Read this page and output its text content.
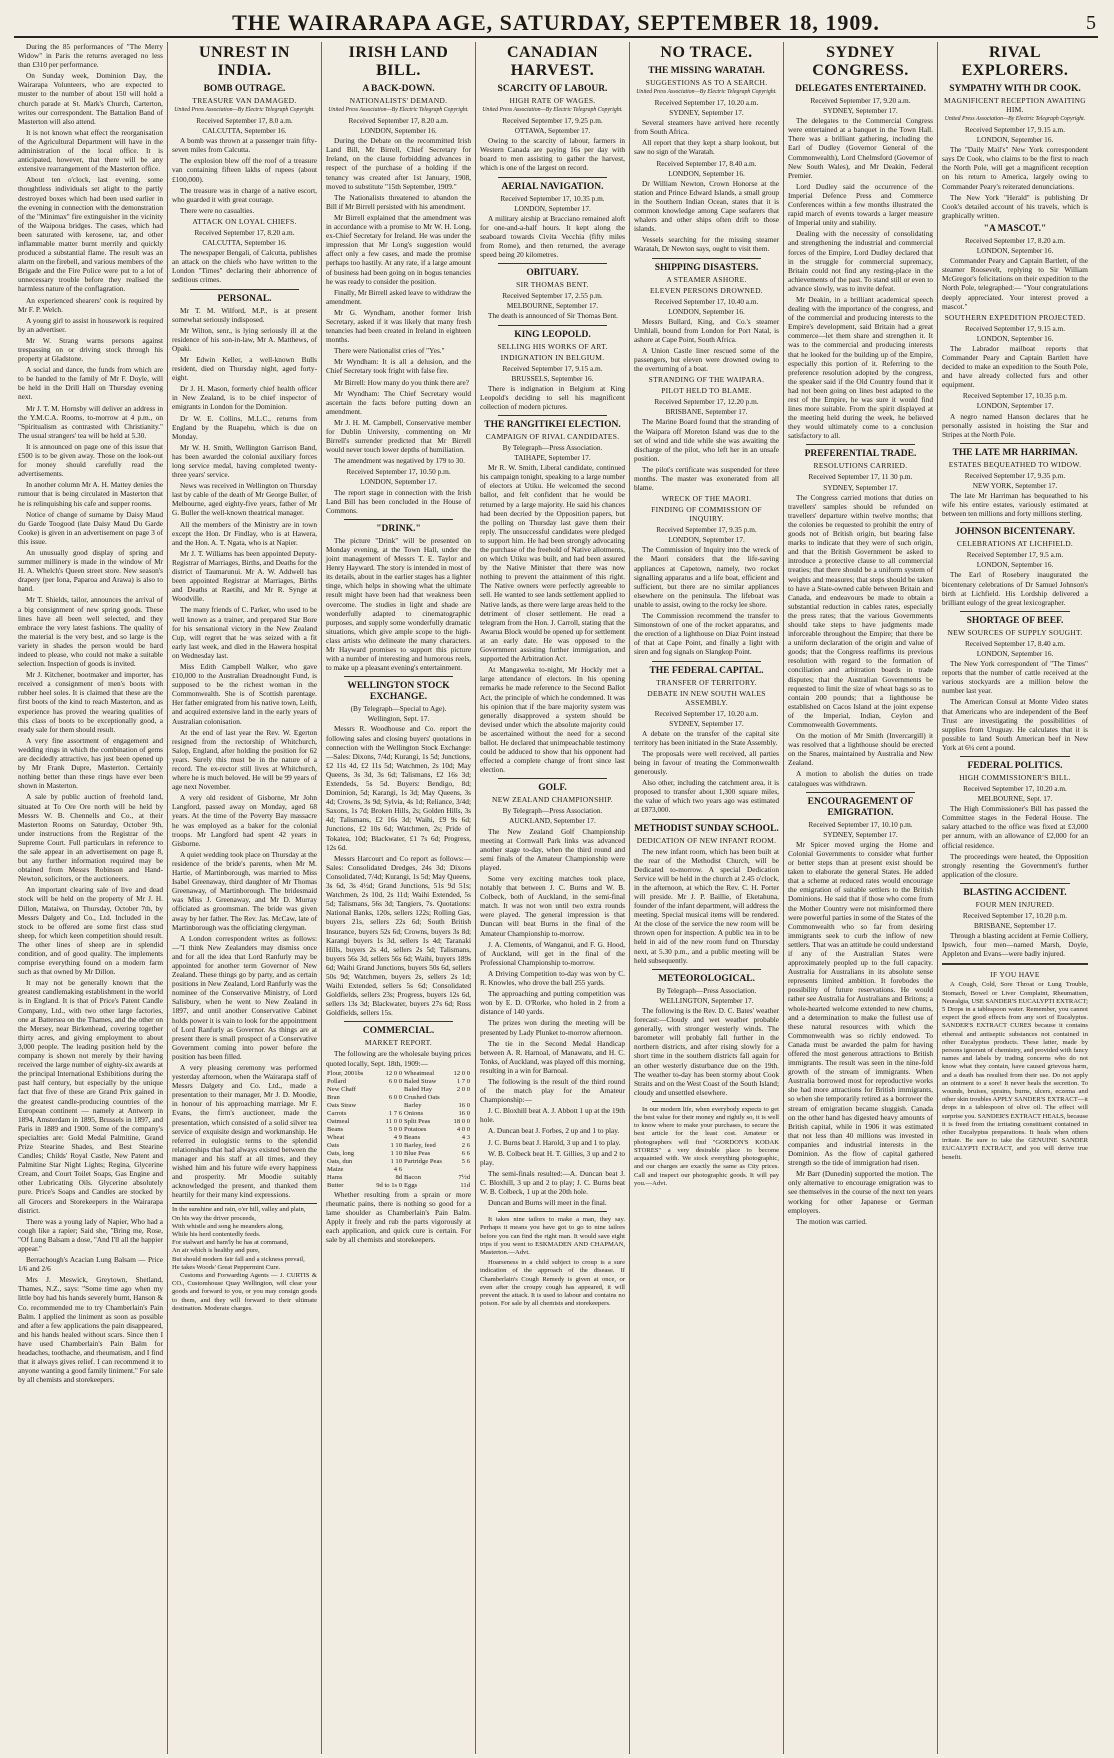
THE WAIRARAPA AGE, SATURDAY, SEPTEMBER 18, 1909.	5

During the 85 performances of "The Merry Widow" in Paris the returns averaged no less than £310 per performance.

On Sunday week, Dominion Day, the Wairarapa Volunteers, who are expected to muster to the number of about 150 will hold a church parade at St. Mark's Church, Carterton, writes our correspondent. The Battalion Band of Masterton will also attend.

It is not known what effect the reorganisation of the Agricultural Department will have in the administration of the local office. It is anticipated, however, that there will be any extensive rearrangement of the Masterton office.

About ten o'clock, last evening, some thoughtless individuals set alight to the partly destroyed boxes which had been used earlier in the evening in connection with the demonstration of the "Minimax" fire extinguisher in the vicinity of the Waipoua bridges. The cases, which had been saturated with kerosene, tar, and other inflammable matter burnt merrily and quickly produced a substantial flame. The result was an alarm on the firebell, and various members of the Brigade and the Fire Police were put to a lot of unnecessary trouble before they realised the harmless nature of the conflagration.

An experienced shearers' cook is required by Mr F. P. Welch.

A young girl to assist in housework is required by an advertiser.

Mr W. Strang warns persons against trespassing on or driving stock through his property at Gladstone.

A social and dance, the funds from which are to be handed to the family of Mr F. Doyle, will be held in the Drill Hall on Thursday evening next.

Mr J. T. M. Hornsby will deliver an address in the Y.M.C.A. Rooms, to-morrow at 4 p.m., on "Spiritualism as contrasted with Christianity." The usual strangers' tea will be held at 5.30.

It is announced on page one of this issue that £500 is to be given away. Those on the look-out for money should carefully read the advertisements.

In another column Mr A. H. Mattey denies the rumour that is being circulated in Masterton that he is relinquishing his cafe and supper rooms.

Notice of change of surname by Daisy Maud du Garde Toogood (late Daisy Maud Du Garde Cooke) is given in an advertisement on page 3 of this issue.

An unusually good display of spring and summer millinery is made in the window of Mr H. A. Whelch's Queen street store. New season's drapery (per Iona, Paparoa and Arawa) is also to hand.

Mr T. Shields, tailor, announces the arrival of a big consignment of new spring goods. These lines have all been well selected, and they embrace the very latest fashions. The quality of the material is the very best, and so large is the variety in shades the person would be hard indeed to please, who could not make a suitable selection. Inspection of goods is invited.

Mr J. Kitchener, bootmaker and importer, has received a consignment of men's boots with rubber heel soles. It is claimed that these are the first boots of the kind to reach Masterton, and as experience has proved the wearing qualities of this class of boots to be exceptionally good, a ready sale for them should result.

A very fine assortment of engagement and wedding rings in which the combination of gems are decidedly attractive, has just been opened up by Mr Frank Dupre, Masterton. Certainly nothing better than these rings have ever been shown in Masterton.

A sale by public auction of freehold land, situated at To Ore Ore north will be held by Messrs W. B. Chennells and Co., at their Masterton Rooms on Saturday, October 9th, under instructions from the Registrar of the Supreme Court. Full particulars in reference to the sale appear in an advertisement on page 8, but any further information required may be obtained from Messrs Robinson and Hand-Newton, solicitors, or the auctioneers.

An important clearing sale of live and dead stock will be held on the property of Mr J. H. Dillon, Mataiwa, on Thursday, October 7th, by Messrs Dalgety and Co., Ltd. Included in the stock to be offered are some first class stud sheep, for which keen competition should result. The other lines of sheep are in splendid condition, and of good quality. The implements comprise everything found on a modern farm such as that owned by Mr Dillon.

It may not be generally known that the greatest candlemaking establishment in the world is in England. It is that of Price's Patent Candle Company, Ltd., with two other large factories, one at Battersea on the Thames, and the other on the Mersey, near Birkenhead, covering together thirty acres, and giving employment to about 3,000 people. The leading position held by the company is shown not merely by their having received the large number of eighty-six awards at the principal International Exhibitions during the past half century, but especially by the unique fact that five of these are Grand Prix gained in the greatest candle-producing countries of the European continent — namely at Antwerp in 1894, Amsterdam in 1895, Brussels in 1897, and Paris in 1889 and 1900. Some of the company's specialties are: Gold Medal Palmitine, Grand Prize Stearine Shades, and Best Stearine Candles; Childs' Royal Castle, New Patent and Palmitine Star Night Lights; Regina, Glycerine Cream, and Court Toilet Soaps, Gas Engine and other Lubricating Oils. Glycerine absolutely pure. Price's Soaps and Candles are stocked by all Grocers and Storekeepers in the Wairarapa district.

There was a young lady of Napier, Who had a cough like a rapier; Said she, "Bring me, Rose, "Of Lung Balsam a dose, "And I'll all the happier appear."

Berrachough's Acacian Lung Balsam — Price 1/6 and 2/6

Mrs J. Meswick, Greytown, Shetland, Thames, N.Z., says: "Some time ago when my little boy had his hands severely burnt, Hanson & Co. recommended me to try Chamberlain's Pain Balm. I applied the liniment as soon as possible and after a few applications the pain disappeared, and his hands healed without scars. Since then I have used Chamberlain's Pain Balm for headaches, toothache, and rheumatism, and I find that it always gives relief. I can recommend it to anyone wanting a good family liniment." For sale by all chemists and storekeepers.

UNREST IN INDIA.
BOMB OUTRAGE.
TREASURE VAN DAMAGED.
United Press Association—By Electric Telegraph Copyright.
Received September 17, 8.0 a.m.
CALCUTTA, September 16.

A bomb was thrown at a passenger train fifty-seven miles from Calcutta.

The explosion blew off the roof of a treasure van containing fifteen lakhs of rupees (about £100,000).

The treasure was in charge of a native escort, who guarded it with great courage.

There were no casualties.

ATTACK ON LOYAL CHIEFS.
Received September 17, 8.20 a.m.
CALCUTTA, September 16.

The newspaper Bengali, of Calcutta, publishes an attack on the chiefs who have written to the London "Times" declaring their abhorrence of seditious crimes.

PERSONAL.

Mr T. M. Wilford, M.P., is at present somewhat seriously indisposed.

Mr Wilton, senr., is lying seriously ill at the residence of his son-in-law, Mr A. Matthews, of Opaki.

Mr Edwin Keller, a well-known Bulls resident, died on Thursday night, aged forty-eight.

Dr J. H. Mason, formerly chief health officer in New Zealand, is to be chief inspector of emigrants in London for the Dominion.

Dr W. E. Collins, M.L.C., returns from England by the Ruapehu, which is due on Monday.

Mr W. H. Smith, Wellington Garrison Band, has been awarded the colonial auxiliary forces long service medal, having completed twenty-three years' service.

News was received in Wellington on Thursday last by cable of the death of Mr George Buller, of Melbourne, aged eighty-five years, father of Mr G. Buller the well-known theatrical manager.

All the members of the Ministry are in town except the Hon. Dr Findlay, who is at Hawera, and the Hon. A. T. Ngata, who is at Napier.

Mr J. T. Williams has been appointed Deputy-Registrar of Marriages, Births, and Deaths for the district of Taumarunui. Mr A. W. Addwell has been appointed Registrar at Marriages, Births and Deaths at Raetihi, and Mr R. Synge at Woodville.

The many friends of C. Parker, who used to be well known as a trainer, and prepared Star Bore for his sensational victory in the New Zealand Cup, will regret that he was seized with a fit early last week, and died in the Hawera hospital on Wednesday last.

Miss Edith Campbell Walker, who gave £10,000 to the Australian Dreadnought Fund, is supposed to be the richest woman in the Commonwealth. She is of Scottish parentage. Her father emigrated from his native town, Leith, and acquired extensive land in the early years of Australian colonisation.

At the end of last year the Rev. W. Egerton resigned from the rectorship of Whitchurch, Salop, England, after holding the position for 62 years. Surely this must be in the nature of a record. The ex-rector still lives at Whitchurch, where he is much beloved. He will be 99 years of age next November.

A very old resident of Gisborne, Mr John Langford, passed away on Monday, aged 68 years. At the time of the Poverty Bay massacre he was employed as a baker for the colonial troops. Mr Langford had spent 42 years in Gisborne.

A quiet wedding took place on Thursday at the residence of the bride's parents, when Mr M. Hartie, of Martinborough, was married to Miss Isabel Greenaway, third daughter of Mr Thomas Greenaway, of Martinborough. The bridesmaid was Miss J. Greenaway, and Mr D. Murray officiated as groomsman. The bride was given away by her father. The Rev. Jas. McCaw, late of Martinborough was the officiating clergyman.

A London correspondent writes as follows:—"I think New Zealanders may dismiss once and for all the idea that Lord Ranfurly may be appointed for another term Governor of New Zealand. These things go by party, and as certain positions in New Zealand, Lord Ranfurly was the nominee of the Conservative Ministry, of Lord Salisbury, when he went to New Zealand in 1897, and until another Conservative Cabinet holds power it is vain to look for the appointment of Lord Ranfurly as Governor. As things are at present there is small prospect of a Conservative Government coming into power before the position has been filled.

A very pleasing ceremony was performed yesterday afternoon, when the Wairarapa staff of Messrs Dalgety and Co. Ltd., made a presentation to their manager, Mr J. D. Moodie, in honour of his approaching marriage. Mr F. Evans, the firm's auctioneer, made the presentation, which consisted of a solid silver tea service of exquisite design and workmanship. He referred in eulogistic terms to the splendid relationships that had always existed between the manager and his staff at all times, and they wished him and his future wife every happiness and prosperity. Mr Moodie suitably acknowledged the present, and thanked them heartily for their many kind expressions.

In the sunshine and rain, o'er hill, valley and plain,
On his way the driver proceeds,
With whistle and song he meanders along,
While his herd contentedly feeds.
For stalwart and ham'ly he has at command,
An air which is healthy and pure,
But should modern fair fall and a sickness prevail,
He takes Woods' Great Peppermint Cure.

Customs and Forwarding Agents — J. CURTIS & CO., Customhouse Quay Wellington, will clear your goods and forward to you, or you may consign goods to them, and they will forward to their ultimate destination. Moderate charges.

IRISH LAND BILL.
A BACK-DOWN.
NATIONALISTS' DEMAND.
United Press Association—By Electric Telegraph Copyright.
Received September 17, 8.20 a.m.
LONDON, September 16.

During the Debate on the recommitted Irish Land Bill, Mr Birrell, Chief Secretary for Ireland, on the clause forbidding advances in respect of the purchase of a holding if the tenancy was created after 1st January, 1908, moved to substitute "15th September, 1909."

The Nationalists threatened to abandon the Bill if Mr Birrell persisted with his amendment.

Mr Birrell explained that the amendment was in accordance with a promise to Mr W. H. Long, ex-Chief Secretary for Ireland. He was under the impression that Mr Long's suggestion would affect only a few cases, and made the promise perhaps too hastily. At any rate, if a large amount of business had been going on in bogus tenancies he was ready to consider the position.

Finally, Mr Birrell asked leave to withdraw the amendment.

Mr G. Wyndham, another former Irish Secretary, asked if it was likely that many fresh tenancies had been created in Ireland in eighteen months.

There were Nationalist cries of "Yes."

Mr Wyndham: It is all a delusion, and the Chief Secretary took fright with false fire.

Mr Birrell: How many do you think there are?

Mr Wyndham: The Chief Secretary would ascertain the facts before putting down an amendment.

Mr J. H. M. Campbell, Conservative member for Dublin University, commenting on Mr Birrell's surrender predicted that Mr Birrell would never touch lower depths of humiliation.

The amendment was negatived by 179 to 30.

Received September 17, 10.50 p.m.
LONDON, September 17.

The report stage in connection with the Irish Land Bill has been concluded in the House of Commons.

"DRINK."

The picture "Drink" will be presented on Monday evening, at the Town Hall, under the joint management of Messrs T. E. Taylor and Henry Hayward. The story is intended in most of its details, about in the earlier stages has a lighter tinge, which helps in showing what the ultimate result might have been had that weakness been overcome. The studies in light and shade are wonderfully adapted to cinematographic purposes, and supply some wonderfully dramatic situations, which give ample scope to the high-class artists who delineate the many characters. Mr Hayward promises to support this picture with a number of interesting and humorous reels, to make up a pleasant evening's entertainment.

WELLINGTON STOCK EXCHANGE.
(By Telegraph—Special to Age).
Wellington, Sept. 17.

Messrs R. Woodhouse and Co. report the following sales and closing buyers' quotations in connection with the Wellington Stock Exchange:—Sales: Dixons, 7/4d; Kurangi, 1s 5d; Junctions, £2 11s 4d, £2 11s 5d; Watchmen, 2s 10d; May Queens, 3s 3d, 3s 6d; Talismans, £2 16s 3d; Extendeds, 5s 5d. Buyers: Bendigo, 8d; Dominion, 5d; Karangi, 1s 3d; May Queens, 3s 4d; Crowns, 3s 9d; Sylvia, 4s 1d; Reliance, 3/4d; Saxons, 1s 7d; Broken Hills, 2s; Golden Hills, 3s 4d; Talismans, £2 16s 3d; Waihi, £9 9s 6d; Junctions, £2 10s 6d; Watchmen, 2s; Pride of Tokatea, 10d; Blackwater, £1 7s 6d; Progress, 12s 6d.

Messrs Harcourt and Co report as follows:—Sales: Consolidated Dredges, 24s 3d; Dixons Consolidated, 7/4d; Kurangi, 1s 5d; May Queens, 3s 6d, 3s 4½d; Grand Junctions, 51s 9d 51s; Watchmen, 2s 10d, 2s 11d; Waihi Extended, 5s 5d; Talismans, 56s 3d; Tangiers, 7s. Quotations: National Banks, 120s, sellers 122s; Rolling Gas, buyers 21s, sellers 22s 6d; South British Insurance, buyers 52s 6d; Crowns, buyers 3s 8d; Karangi buyers 1s 3d, sellers 1s 4d; Taranaki Hills, buyers 2s 4d, sellers 2s 5d; Talismans, buyers 56s 3d, sellers 56s 6d; Waihi, buyers 189s 6d; Waihi Grand Junctions, buyers 50s 6d, sellers 50s 9d; Watchmen, buyers 2s, sellers 2s 1d; Waihi Extended, sellers 5s 6d; Consolidated Goldfields, sellers 23s; Progress, buyers 12s 6d, sellers 13s 3d; Blackwater, buyers 27s 6d; Ross Goldfields, sellers 15s.

COMMERCIAL.
MARKET REPORT.

The following are the wholesale buying prices quoted locally, Sept. 18th, 1909:—

Flour, 2001bs	12 0 0	Wheatmeal	12 0 0
Pollard	6 0 0	Baled Straw	1 7 0
New Chaff		Baled Hay	2 0 0
Bran	6 0 0	Crushed Oats	
Oats Straw		Barley	16 0
Carrots	1 7 6	Onions	16 0
Oatmeal	11 0 0	Split Peas	18 0 0
Beans	5 0 0	Potatoes	4 0 0
Wheat	4 9	Beans	4 3
Oats	1 10	Barley, feed	2 6
Oats, long	1 10	Blue Peas	6 6
Oats, dun	1 10	Partridge Peas	5 6
Maize	4 6		
Hams	8d	Bacon	7½d
Butter	9d to 1s 0	Eggs	11d

Whether resulting from a sprain or more rheumatic pains, there is nothing so good for a lame shoulder as Chamberlain's Pain Balm. Apply it freely and rub the parts vigorously at each application, and quick cure is certain. For sale by all chemists and storekeepers.

CANADIAN HARVEST.
SCARCITY OF LABOUR.
HIGH RATE OF WAGES.
United Press Association—By Electric Telegraph Copyright.
Received September 17, 9.25 p.m.
OTTAWA, September 17.

Owing to the scarcity of labour, farmers in Western Canada are paying 16s per day with board to men assisting to gather the harvest, which is one of the largest on record.

AERIAL NAVIGATION.
Received September 17, 10.35 p.m.
LONDON, September 17.

A military airship at Bracciano remained aloft for one-and-a-half hours. It kept along the seaboard towards Civita Vecchia (fifty miles from Rome), and then returned, the average speed being 20 kilometres.

OBITUARY.
SIR THOMAS BENT.
Received September 17, 2.55 p.m.
MELBOURNE, September 17.

The death is announced of Sir Thomas Bent.

KING LEOPOLD.
SELLING HIS WORKS OF ART.
INDIGNATION IN BELGIUM.
Received September 17, 9.15 a.m.
BRUSSELS, September 16.

There is indignation in Belgium at King Leopold's deciding to sell his magnificent collection of modern pictures.

THE RANGITIKEI ELECTION.
CAMPAIGN OF RIVAL CANDIDATES.
By Telegraph—Press Association.
TAIHAPE, September 17.

Mr R. W. Smith, Liberal candidate, continued his campaign tonight, speaking to a large number of electors at Utiku. He welcomed the second ballot, and felt confident that he would be returned by a large majority. He said his chances had been decried by the Opposition papers, but the polling on Thursday last gave them their reply. The unsuccessful candidates were pledged to support him. He had been strongly advocating the purchase of the freehold of Native allotments, on which Utiku was built, and had been assured by the Native Minister that there was now nothing to prevent the attainment of this right. The Native owners were perfectly agreeable to sell. He wanted to see lands settlement applied to Native lands, as there were large areas held to the detriment of closer settlement. He read a telegram from the Hon. J. Carroll, stating that the Awarua Block would be opened up for settlement at an early date. He was opposed to the Government assisting further immigration, and supported the Arbitration Act.

At Mangaweka to-night, Mr Hockly met a large attendance of electors. In his opening remarks he made reference to the Second Ballot Act, the principle of which he condemned. It was his opinion that if the bare majority system was generally disapproved a system should be devised under which the absolute majority could be ascertained without the need for a second ballot. He declared that unimpeachable testimony could be adduced to show that his opponent had effected a complete change of front since last election.

GOLF.
NEW ZEALAND CHAMPIONSHIP.
By Telegraph—Press Association.
AUCKLAND, September 17.

The New Zealand Golf Championship meeting at Cornwall Park links was advanced another stage to-day, when the third round and semi finals of the Amateur Championship were played.

Some very exciting matches took place, notably that between J. C. Burns and W. B. Colbeck, both of Auckland, in the semi-final match. It was not won until two extra rounds were played. The general impression is that Duncan will beat Burns in the final of the Amateur Championship to-morrow.

J. A. Clements, of Wanganui, and F. G. Hood, of Auckland, will get in the final of the Professional Championship to-morrow.

A Driving Competition to-day was won by C. R. Knowles, who drove the ball 255 yards.

The approaching and putting competition was won by E. D. O'Rorke, who holed in 2 from a distance of 140 yards.

The prizes won during the meeting will be presented by Lady Plunket to-morrow afternoon.

The tie in the Second Medal Handicap between A. R. Harnoal, of Manawatu, and H. C. Tonks, of Auckland, was played off this morning, resulting in a win for Barnoal.

The following is the result of the third round of the match play for the Amateur Championship:—

J. C. Bloxhill beat A. J. Abbott 1 up at the 19th hole.

A. Duncan beat J. Forbes, 2 up and 1 to play.

J. C. Burns beat J. Harold, 3 up and 1 to play.

W. B. Colbeck beat H. T. Gillies, 3 up and 2 to play.

The semi-finals resulted:—A. Duncan beat J. C. Bloxhill, 3 up and 2 to play; J. C. Burns beat W. B. Colbeck, 1 up at the 20th hole.

Duncan and Burns will meet in the final.

It takes nine tailors to make a man, they say. Perhaps it means you have got to go to nine tailors before you can find the right man. It would save eight trips if you went to ESKMADEN AND CHAPMAN, Masterton.—Advt.

Hoarseness in a child subject to croup is a sure indication of the approach of the disease. If Chamberlain's Cough Remedy is given at once, or even after the croupy cough has appeared, it will prevent the attack. It is used to labour and contains no poison. For sale by all chemists and storekeepers.

NO TRACE.
THE MISSING WARATAH.
SUGGESTIONS AS TO A SEARCH.
United Press Association—By Electric Telegraph Copyright.
Received September 17, 10.20 a.m.
SYDNEY, September 17.

Several steamers have arrived here recently from South Africa.

All report that they kept a sharp lookout, but saw no sign of the Waratah.

Received September 17, 8.40 a.m.
LONDON, September 16.

Dr William Newton, Crown Honorse at the station and Prince Edward Islands, a small group in the Southern Indian Ocean, states that it is common knowledge among Cape seafarers that whalers and other ships often drift to those islands.

Vessels searching for the missing steamer Waratah, Dr Newton says, ought to visit them.

SHIPPING DISASTERS.
A STEAMER ASHORE.
ELEVEN PERSONS DROWNED.
Received September 17, 10.40 a.m.
LONDON, September 16.

Messrs Bullard, King, and Co.'s steamer Umhlali, bound from London for Port Natal, is ashore at Cape Point, South Africa.

A Union Castle liner rescued some of the passengers, but eleven were drowned owing to the overturning of a boat.

STRANDING OF THE WAIPARA.
PILOT HELD TO BLAME.
Received September 17, 12.20 p.m.
BRISBANE, September 17.

The Marine Board found that the stranding of the Waipara off Moreton Island was due to the set of wind and tide while she was awaiting the discharge of the pilot, who left her in an unsafe position.

The pilot's certificate was suspended for three months. The master was exonerated from all blame.

WRECK OF THE MAORI.
FINDING OF COMMISSION OF INQUIRY.
Received September 17, 9.35 p.m.
LONDON, September 17.

The Commission of Inquiry into the wreck of the Maori considers that the life-saving appliances at Capetown, namely, two rocket signalling apparatus and a life boat, efficient and sufficient, but there are no similar appliances elsewhere on the peninsula. The lifeboat was unable to assist, owing to the rocky lee shore.

The Commission recommend the transfer to Simonstown of one of the rocket apparatus, and the erection of a lighthouse on Diaz Point instead of that at Cape Point, and finally a light with siren and fog signals on Slangkop Point.

THE FEDERAL CAPITAL.
TRANSFER OF TERRITORY.
DEBATE IN NEW SOUTH WALES ASSEMBLY.
Received September 17, 10.20 a.m.
SYDNEY, September 17.

A debate on the transfer of the capital site territory has been initiated in the State Assembly.

The proposals were well received, all parties being in favour of treating the Commonwealth generously.

Also other, including the catchment area, it is proposed to transfer about 1,300 square miles, the value of which two years ago was estimated at £873,000.

METHODIST SUNDAY SCHOOL.
DEDICATION OF NEW INFANT ROOM.

The new infant room, which has been built at the rear of the Methodist Church, will be Dedicated to-morrow. A special Dedication Service will be held in the church at 2.45 o'clock, in the afternoon, at which the Rev. C. H. Porter will preside. Mr J. P. Baillie, of Eketahuna, founder of the infant department, will address the meeting. Special musical items will be rendered. At the close of the service the new room will be thrown open for inspection. A public tea in to be held in aid of the new room fund on Thursday next, at 5.30 p.m., and a public meeting will be held subsequently.

METEOROLOGICAL.
By Telegraph—Press Association.
WELLINGTON, September 17.

The following is the Rev. D. C. Bates' weather forecast:—Cloudy and wet weather probable generally, with stronger westerly winds. The barometer will probably fall further in the northern districts, and after rising slowly for a short time in the southern districts fall again for an other westerly disturbance due on the 19th. The weather to-day has been stormy about Cook Straits and on the West Coast of the South Island; cloudy and unsettled elsewhere.

In our modern life, when everybody expects to get the best value for their money and rightly so, it is well to know where to make your purchases, to secure the best article for the least cost. Amateur or photographers will find "GORDON'S KODAK STORES" a very desirable place to become acquainted with. We stock everything photographic, and our charges are exactly the same as City prices. Call and inspect our photographic goods. It will pay you.—Advt.

SYDNEY CONGRESS.
DELEGATES ENTERTAINED.
Received September 17, 9.20 a.m.
SYDNEY, September 17.

The delegates to the Commercial Congress were entertained at a banquet in the Town Hall. There was a brilliant gathering, including the Earl of Dudley (Governor General of the Commonwealth), Lord Chelmsford (Governor of New South Wales), and Mr Deakin, Federal Premier.

Lord Dudley said the occurrence of the Imperial Defence Press and Commerce Conferences within a few months illustrated the rapid march of events towards a larger measure of Imperial unity and stability.

Dealing with the necessity of consolidating and strengthening the industrial and commercial forces of the Empire, Lord Dudley declared that in the struggle for commercial supremacy, Britain could not find any resting-place in the achievements of the past. To stand still or even to advance slowly, was to invite defeat.

Mr Deakin, in a brilliant academical speech dealing with the importance of the congress, and of the commercial and producing interests to the Empire's development, said Britain had a great commerce—let them share and strengthen it. It was to the commercial and producing interests that he looked for the building up of the Empire, especially this portion of it. Referring to the preference resolution adopted by the congress, the speaker said if the Old Country found that it had not been going on lines best adapted to the rest of the Empire, he was sure it would find lines more suitable. From the spirit displayed at the meeting held during the week, he believed they would ultimately come to a conclusion satisfactory to all.

PREFERENTIAL TRADE.
RESOLUTIONS CARRIED.
Received September 17, 11 30 p.m.
SYDNEY, September 17.

The Congress carried motions that duties on travellers' samples should be refunded on travellers' departure within twelve months; that the colonies be requested to prohibit the entry of goods not of British origin, but bearing false marks to indicate that they were of such origin, and that the British Government be asked to introduce a protective clause to all commercial treaties; that there should be a uniform system of weights and measures; that steps should be taken to have a State-owned cable between Britain and Canada, and endeavours be made to obtain a substantial reduction in cables rates, especially the press rates; that the various Governments should take steps to have judgments made inforceable throughout the Empire; that there be a uniform declaration of the origin and value of goods; that the Congress reaffirms its previous resolution with regard to the formation of conciliation and arbitration boards in trade disputes; that the Australian Governments be requested to limit the size of wheat bags so as to contain 200 pounds; that a lighthouse be established on Cacos Island at the joint expense of the Imperial, Indian, Ceylon and Commonwealth Governments.

On the motion of Mr Smith (Invercargill) it was resolved that a lighthouse should be erected on the Snares, maintained by Australia and New Zealand.

A motion to abolish the duties on trade catalogues was withdrawn.

ENCOURAGEMENT OF EMIGRATION.
Received September 17, 10.10 p.m.
SYDNEY, September 17.

Mr Spicer moved urging the Home and Colonial Governments to consider what further or better steps than at present exist should be taken to elaborate the general States. He added that a scheme at reduced rates would encourage the emigration of suitable settlers to the British Dominions. He said that if those who come from the Mother Country were not misinformed there were powerful parties in some of the States of the Commonwealth who so far from desiring immigrants seek to curb the inflow of new settlers. That was an attitude he could understand if any of the Australian States were approximately peopled up to the full capacity. Australia for Australians in its absolute sense represents limited ambition. It forebodes the possibility of future reservations. He would rather see Australia for Australians and Britons; a whole-hearted welcome extended to new chums, and a determination to make the fullest use of these natural resources with which the Commonwealth was so richly endowed. To Canada must be awarded the palm for having offered the most generous attractions to British immigrants. The result was seen in the nine-fold growth of the stream of immigrants. When Australia borrowed most for reproductive works she had more attractions for British immigrants, so when she temporarily retired as a borrower the stream of emigration became sluggish. Canada on the other hand has digested heavy amounts of British capital, while in 1906 it was estimated that not less than 40 millions was invested in companies and industrial interests in the Dominion. As the flow of capital gathered strength so the tide of immigration had risen.

Mr Barr (Dunedin) supported the motion. The only alternative to encourage emigration was to see themselves in the course of the next ten years working for other Japanese or German employers.

The motion was carried.

RIVAL EXPLORERS.
SYMPATHY WITH DR COOK.
MAGNIFICENT RECEPTION AWAITING HIM.
United Press Association—By Electric Telegraph Copyright.
Received September 17, 9.15 a.m.
LONDON, September 16.

The "Daily Mail's" New York correspondent says Dr Cook, who claims to be the first to reach the North Pole, will get a magnificent reception on his return to America, largely owing to Commander Peary's reiterated denunciations.

The New York "Herald" is publishing Dr Cook's detailed account of his travels, which is graphically written.

"A MASCOT."
Received September 17, 8.20 a.m.
LONDON, September 16.

Commander Peary and Captain Bartlett, of the steamer Roosevelt, replying to Sir William McGregor's felicitations on their expedition to the North Pole, telegraphed:— "Your congratulations deeply appreciated. Your interest proved a mascot."

SOUTHERN EXPEDITION PROJECTED.
Received September 17, 9.15 a.m.
LONDON, September 16.

The Labrador mailboat reports that Commander Peary and Captain Bartlett have decided to make an expedition to the South Pole, and have already collected furs and other equipment.

Received September 17, 10.35 p.m.
LONDON, September 17.

A negro named Hanson declares that he personally assisted in hoisting the Star and Stripes at the North Pole.

THE LATE MR HARRIMAN.
ESTATES BEQUEATHED TO WIDOW.
Received September 17, 9.35 p.m.
NEW YORK, September 17.

The late Mr Harriman has bequeathed to his wife his entire estates, variously estimated at between ten millions and forty millions sterling.

JOHNSON BICENTENARY.
CELEBRATIONS AT LICHFIELD.
Received September 17, 9.5 a.m.
LONDON, September 16.

The Earl of Rosebery inaugurated the bicentenary celebrations of Dr Samuel Johnson's birth at Lichfield. His Lordship delivered a brilliant eulogy of the great lexicographer.

SHORTAGE OF BEEF.
NEW SOURCES OF SUPPLY SOUGHT.
Received September 17, 8.40 a.m.
LONDON, September 16.

The New York correspondent of "The Times" reports that the number of cattle received at the various stockyards are a million below the number last year.

The American Consul at Monte Video states that Americans who are independent of the Beef Trust are investigating the possibilities of supplies from Uruguay. He calculates that it is possible to land South American beef in New York at 6¼ cent a pound.

FEDERAL POLITICS.
HIGH COMMISSIONER'S BILL.
Received September 17, 10.20 a.m.
MELBOURNE, Sept. 17.

The High Commissioner's Bill has passed the Committee stages in the Federal House. The salary attached to the office was fixed at £3,000 per annum, with an allowance of £2,000 for an official residence.

The proceedings were heated, the Opposition strongly resenting the Government's further application of the closure.

BLASTING ACCIDENT.
FOUR MEN INJURED.
Received September 17, 10.20 p.m.
BRISBANE, September 17.

Through a blasting accident at Fernie Colliery, Ipswich, four men—named Marsh, Doyle, Appleton and Evans—were badly injured.

IF YOU HAVE

A Cough, Cold, Sore Throat or Lung Trouble, Stomach, Bowel or Liver Complaint, Rheumatism, Neuralgia, USE SANDER'S EUCALYPTI EXTRACT; 5 Drops in a tablespoon water. Remember, you cannot expect the good effects from any sort of Eucalyptus. SANDER'S EXTRACT CURES because it contains ethereal and antiseptic substances not contained in other Eucalyptus products. These latter, made by persons ignorant of chemistry, and provided with fancy names and labels by trading concerns who do not know what they contain, have caused grievous harm, and a death has resulted from their use. Do not apply an ointment to a sore! It never heals the secretion. To wounds, bruises, sprains, burns, ulcers, eczema and other skin troubles APPLY SANDER'S EXTRACT—it drops in a tablespoon of olive oil. The effect will surprise you. SANDER'S EXTRACT HEALS, because it is freed from the irritating constituent contained in other Eucalyptus preparations. It heals when others irritate. Be sure to take the GENUINE SANDER EUCALYPTI EXTRACT, and you will derive true benefit.
